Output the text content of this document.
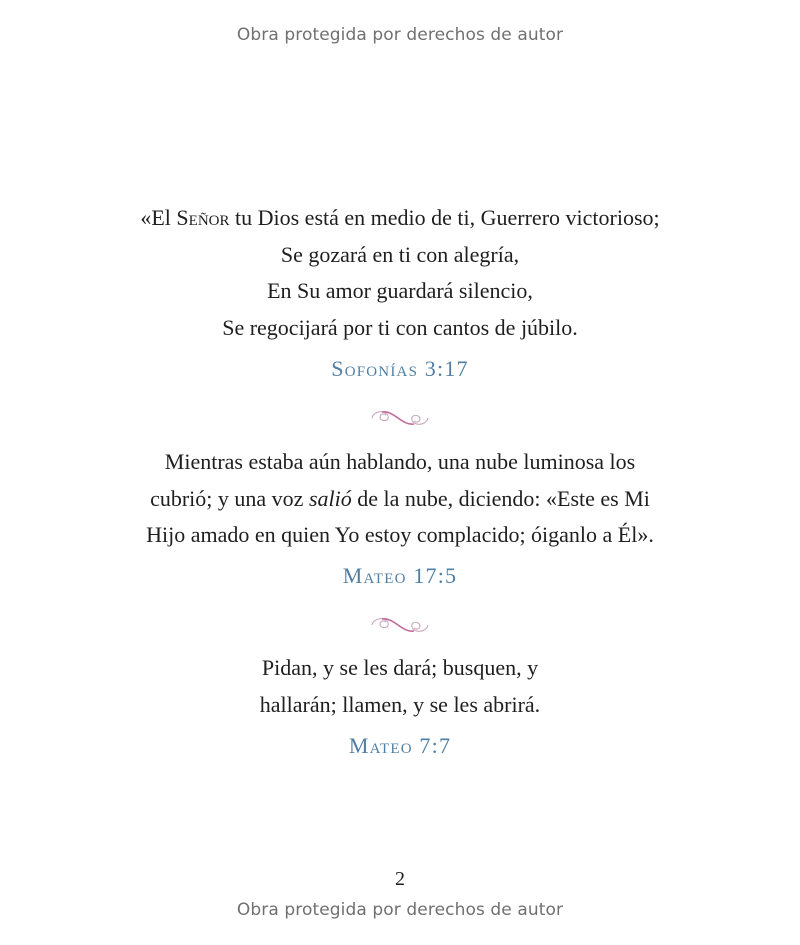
Obra protegida por derechos de autor
«El Señor tu Dios está en medio de ti, Guerrero victorioso;
Se gozará en ti con alegría,
En Su amor guardará silencio,
Se regocijará por ti con cantos de júbilo.
Sofonías 3:17
Mientras estaba aún hablando, una nube luminosa los
cubrió; y una voz salió de la nube, diciendo: «Este es Mi
Hijo amado en quien Yo estoy complacido; óiganlo a Él».
Mateo 17:5
Pidan, y se les dará; busquen, y
hallarán; llamen, y se les abrirá.
Mateo 7:7
2
Obra protegida por derechos de autor
